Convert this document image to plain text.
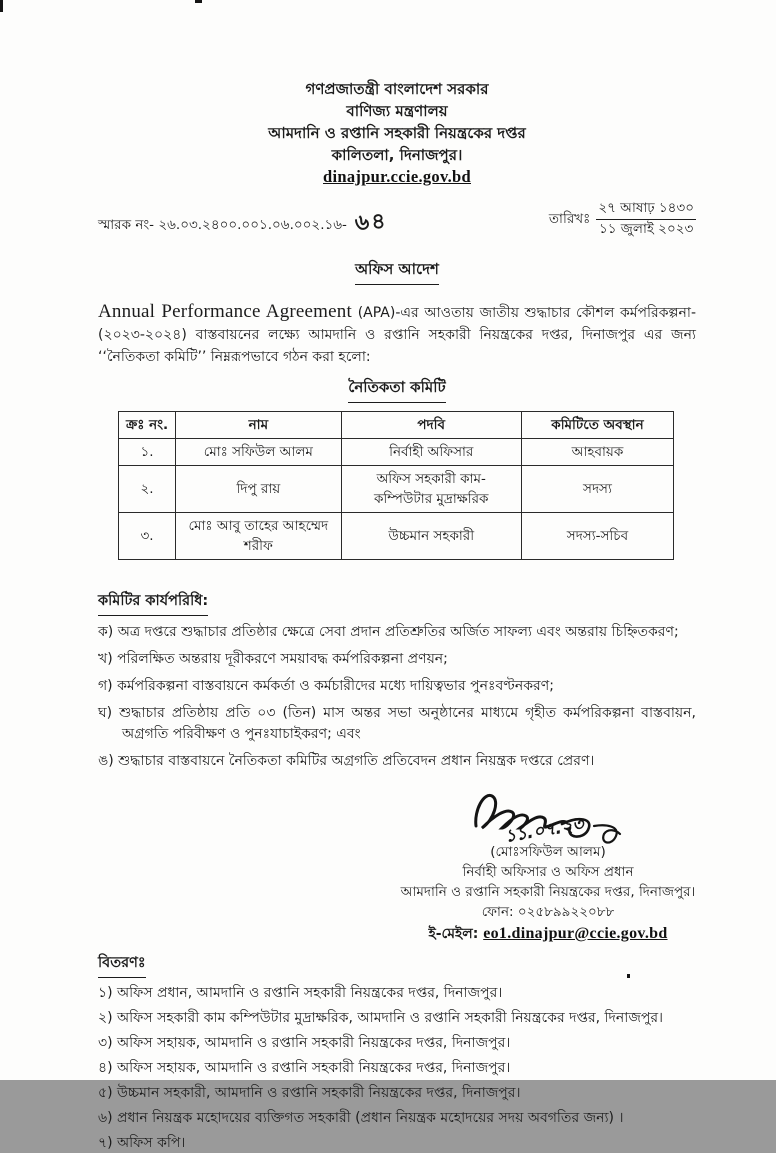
গণপ্রজাতন্ত্রী বাংলাদেশ সরকার
বাণিজ্য মন্ত্রণালয়
আমদানি ও রপ্তানি সহকারী নিয়ন্ত্রকের দপ্তর
কালিতলা, দিনাজপুর।
dinajpur.ccie.gov.bd
স্মারক নং- ২৬.০৩.২৪০০.০০১.০৬.০০২.১৬- ৬৪	তারিখঃ
২৭ আষাঢ় ১৪৩০
১১ জুলাই ২০২৩
অফিস আদেশ
Annual Performance Agreement (APA)-এর আওতায় জাতীয় শুদ্ধাচার কৌশল কর্মপরিকল্পনা-(২০২৩-২০২৪) বাস্তবায়নের লক্ষ্যে আমদানি ও রপ্তানি সহকারী নিয়ন্ত্রকের দপ্তর, দিনাজপুর এর জন্য ‘‘নৈতিকতা কমিটি’’ নিম্নরূপভাবে গঠন করা হলো:
নৈতিকতা কমিটি
ক্রঃ নং.	নাম	পদবি	কমিটিতে অবস্থান
১.	মোঃ সফিউল আলম	নির্বাহী অফিসার	আহবায়ক
২.	দিপু রায়	অফিস সহকারী কাম-কম্পিউটার মুদ্রাক্ষরিক	সদস্য
৩.	মোঃ আবু তাহের আহম্মেদ শরীফ	উচ্চমান সহকারী	সদস্য-সচিব
কমিটির কার্যপরিধি:
ক) অত্র দপ্তরে শুদ্ধাচার প্রতিষ্ঠার ক্ষেত্রে সেবা প্রদান প্রতিশ্রুতির অর্জিত সাফল্য এবং অন্তরায় চিহ্নিতকরণ;
খ) পরিলক্ষিত অন্তরায় দূরীকরণে সময়াবদ্ধ কর্মপরিকল্পনা প্রণয়ন;
গ) কর্মপরিকল্পনা বাস্তবায়নে কর্মকর্তা ও কর্মচারীদের মধ্যে দায়িত্বভার পুনঃবণ্টনকরণ;
ঘ) শুদ্ধাচার প্রতিষ্ঠায় প্রতি ০৩ (তিন) মাস অন্তর সভা অনুষ্ঠানের মাধ্যমে গৃহীত কর্মপরিকল্পনা বাস্তবায়ন, অগ্রগতি পরিবীক্ষণ ও পুনঃযাচাইকরণ; এবং
ঙ) শুদ্ধাচার বাস্তবায়নে নৈতিকতা কমিটির অগ্রগতি প্রতিবেদন প্রধান নিয়ন্ত্রক দপ্তরে প্রেরণ।
১১.০৭.২৩
(মোঃসফিউল আলম)
নির্বাহী অফিসার ও অফিস প্রধান
আমদানি ও রপ্তানি সহকারী নিয়ন্ত্রকের দপ্তর, দিনাজপুর।
ফোন: ০২৫৮৯৯২২০৮৮
ই-মেইল: eo1.dinajpur@ccie.gov.bd
বিতরণঃ
১) অফিস প্রধান, আমদানি ও রপ্তানি সহকারী নিয়ন্ত্রকের দপ্তর, দিনাজপুর।
২) অফিস সহকারী কাম কম্পিউটার মুদ্রাক্ষরিক, আমদানি ও রপ্তানি সহকারী নিয়ন্ত্রকের দপ্তর, দিনাজপুর।
৩) অফিস সহায়ক, আমদানি ও রপ্তানি সহকারী নিয়ন্ত্রকের দপ্তর, দিনাজপুর।
৪) অফিস সহায়ক, আমদানি ও রপ্তানি সহকারী নিয়ন্ত্রকের দপ্তর, দিনাজপুর।
৫) উচ্চমান সহকারী, আমদানি ও রপ্তানি সহকারী নিয়ন্ত্রকের দপ্তর, দিনাজপুর।
৬) প্রধান নিয়ন্ত্রক মহোদয়ের ব্যক্তিগত সহকারী (প্রধান নিয়ন্ত্রক মহোদয়ের সদয় অবগতির জন্য) ।
৭) অফিস কপি।
